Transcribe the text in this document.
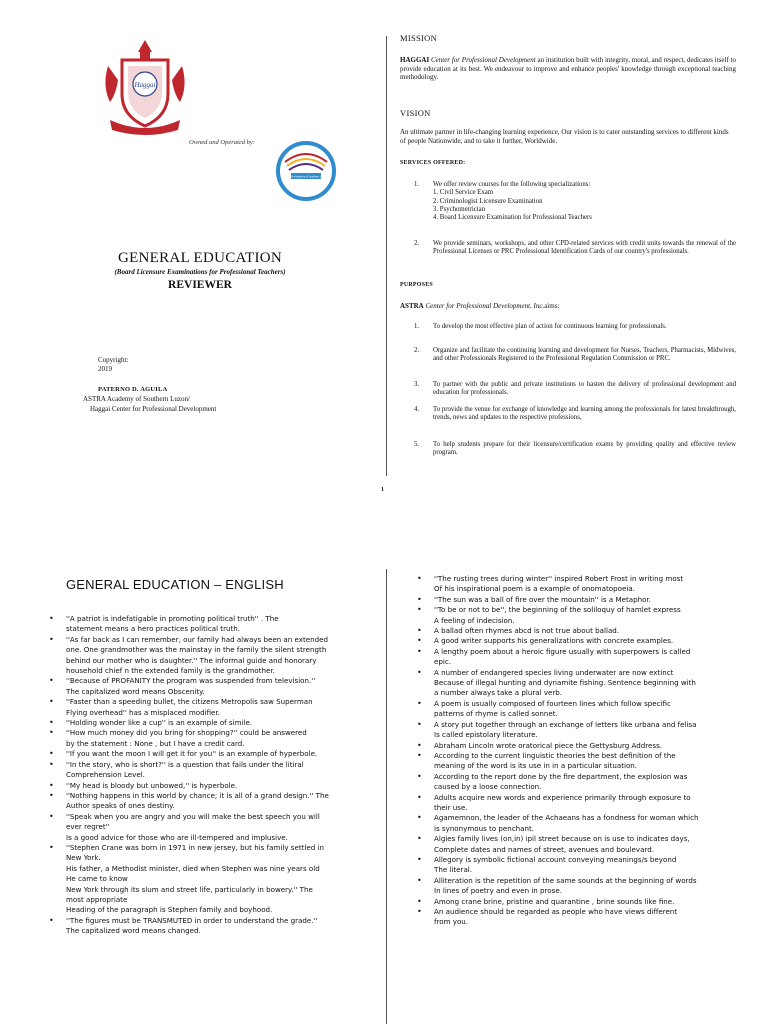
Haggai
Owned and Operated by:
ASTRA Academy of Southern Luzon
GENERAL EDUCATION
(Board Licensure Examinations for Professional Teachers)
REVIEWER
Copyright:
2019
PATERNO D. AGUILA
ASTRA Academy of Southern Luzon/
Haggai Center for Professional Development
MISSION

HAGGAI Center for Professional Development an institution built with integrity, moral, and respect, dedicates itself to provide education at its best. We endeavour to improve and enhance peoples' knowledge through exceptional teaching methodology.

VISION
An ultimate partner in life-changing learning experience, Our vision is to cater outstanding services to different kinds of people Nationwide, and to take it further, Worldwide.
SERVICES OFFERED:
1. We offer review courses for the following specializations:
1. Civil Service Exam
2. Criminologist Licensure Examination
3. Psychometrician
4. Board Licensure Examination for Professional Teachers
2. We provide seminars, workshops, and other CPD-related services with credit units towards the renewal of the Professional Licenses or PRC Professional Identification Cards of our country's professionals.
PURPOSES

ASTRA Center for Professional Development, Inc.aims:

1. To develop the most effective plan of action for continuous learning for professionals.
2. Organize and facilitate the continuing learning and development for Nurses, Teachers, Pharmacists, Midwives, and other Professionals Registered to the Professional Regulation Commission or PRC.
3. To partner with the public and private institutions to hasten the delivery of professional development and education for professionals.
4. To provide the venue for exchange of knowledge and learning among the professionals for latest breakthrough, trends, news and updates to the respective professions,
5. To help students prepare for their licensure/certification exams by providing quality and effective review program.
1
GENERAL EDUCATION – ENGLISH
• ''A patriot is indefatigable in promoting political truth'' . The
statement means a hero practices political truth.
• ''As far back as I can remember, our family had always been an extended
one. One grandmother was the mainstay in the family the silent strength
behind our mother who is daughter.'' The informal guide and honorary
household chief n the extended family is the grandmother.
• ''Because of PROFANITY the program was suspended from television.''
The capitalized word means Obscenity.
• ''Faster than a speeding bullet, the citizens Metropolis saw Superman
Flying overhead'' has a misplaced modifier.
• ''Holding wonder like a cup'' is an example of simile.
• ''How much money did you bring for shopping?'' could be answered
by the statement : None , but I have a credit card.
• ''If you want the moon I will get it for you'' is an example of hyperbole.
• ''In the story, who is short?'' is a question that fails under the litiral
Comprehension Level.
• ''My head is bloody but unbowed,'' is hyperbole.
• ''Nothing happens in this world by chance; it is all of a grand design.'' The
Author speaks of ones destiny.
• ''Speak when you are angry and you will make the best speech you will
ever regret''
Is a good advice for those who are ill-tempered and implusive.
• ''Stephen Crane was born in 1971 in new jersey, but his family settled in
New York.
His father, a Methodist minister, died when Stephen was nine years old
He came to know
New York through its slum and street life, particularly in bowery.'' The
most appropriate
Heading of the paragraph is Stephen family and boyhood.
• ''The figures must be TRANSMUTED in order to understand the grade.''
The capitalized word means changed.
• ''The rusting trees during winter'' inspired Robert Frost in writing most
Of his inspirational poem is a example of onomatopoeia.
• ''The sun was a ball of fire over the mountain'' is a Metaphor.
• ''To be or not to be'', the beginning of the soliloquy of hamlet express
A feeling of indecision.
• A ballad often rhymes abcd is not true about ballad.
• A good writer supports his generalizations with concrete examples.
• A lengthy poem about a heroic figure usually with superpowers is called
epic.
• A number of endangered species living underwater are now extinct
Because of illegal hunting and dynamite fishing. Sentence beginning with
a number always take a plural verb.
• A poem is usually composed of fourteen lines which follow specific
patterns of rhyme is called sonnet.
• A story put together through an exchange of letters like urbana and felisa
Is called epistolary literature.
• Abraham Lincoln wrote oratorical piece the Gettysburg Address.
• According to the current linguistic theories the best definition of the
meaning of the word is its use in in a particular situation.
• According to the report done by the fire department, the explosion was
caused by a loose connection.
• Adults acquire new words and experience primarily through exposure to
their use.
• Agamemnon, the leader of the Achaeans has a fondness for woman which
is synonymous to penchant.
• Algies family lives (on,in) ipil street because on is use to indicates days,
Complete dates and names of street, avenues and boulevard.
• Allegory is symbolic fictional account conveying meanings/s beyond
The literal.
• Alliteration is the repetition of the same sounds at the beginning of words
In lines of poetry and even in prose.
• Among crane brine, pristine and quarantine , brine sounds like fine.
• An audience should be regarded as people who have views different
from you.
